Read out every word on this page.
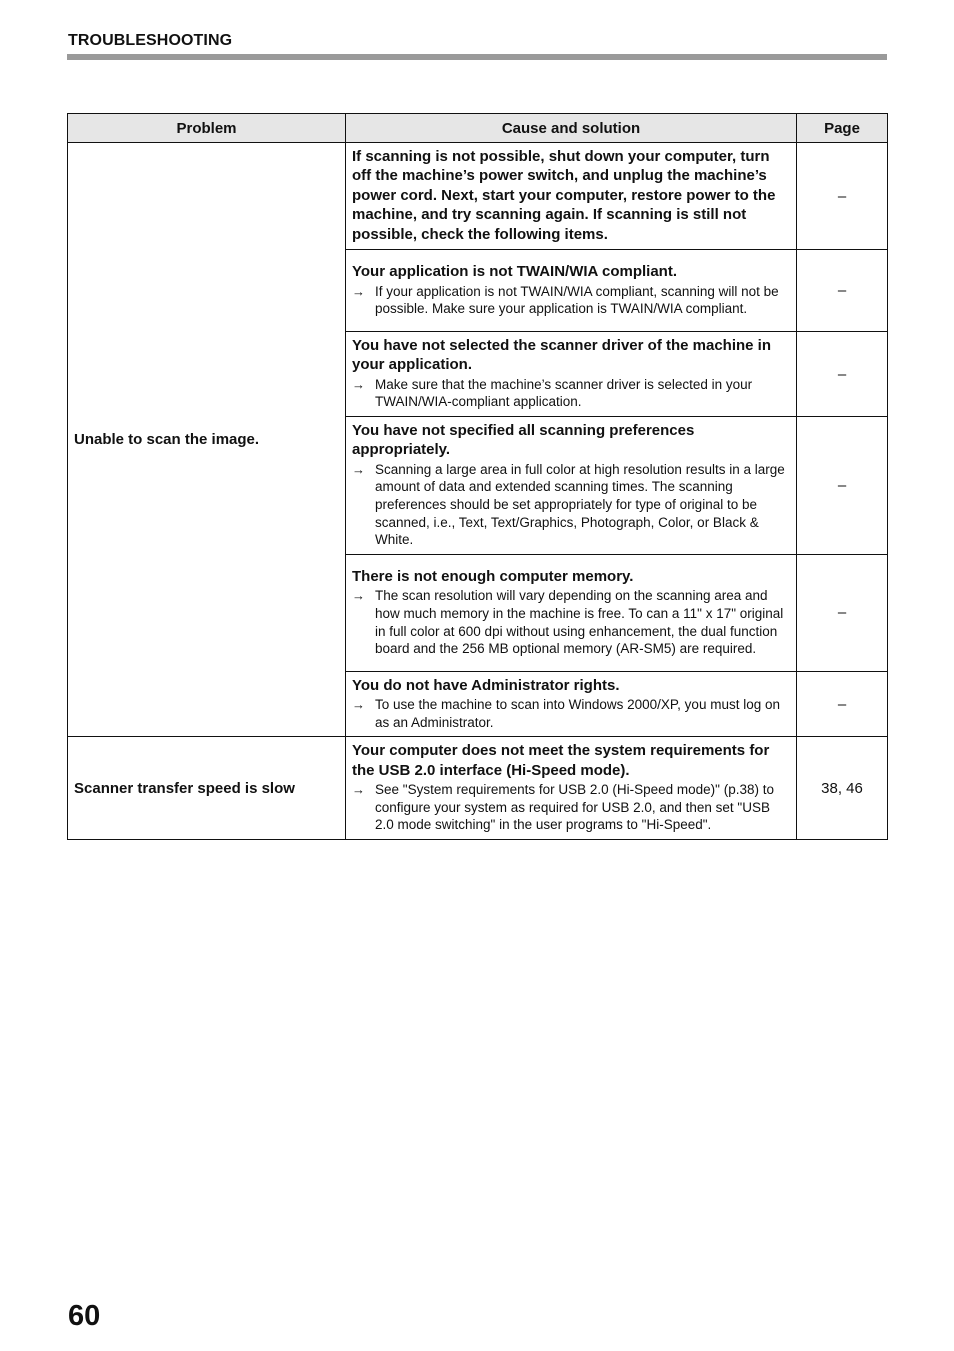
TROUBLESHOOTING
Problem	Cause and solution	Page
Unable to scan the image.	If scanning is not possible, shut down your computer, turn off the machine’s power switch, and unplug the machine’s power cord. Next, start your computer, restore power to the machine, and try scanning again. If scanning is still not possible, check the following items.	–

	Your application is not TWAIN/WIA compliant.
→ If your application is not TWAIN/WIA compliant, scanning will not be possible. Make sure your application is TWAIN/WIA compliant.	–

	You have not selected the scanner driver of the machine in your application.
→ Make sure that the machine’s scanner driver is selected in your TWAIN/WIA-compliant application.	–

	You have not specified all scanning preferences appropriately.
→ Scanning a large area in full color at high resolution results in a large amount of data and extended scanning times. The scanning preferences should be set appropriately for type of original to be scanned, i.e., Text, Text/Graphics, Photograph, Color, or Black & White.	–

	There is not enough computer memory.
→ The scan resolution will vary depending on the scanning area and how much memory in the machine is free. To can a 11" x 17" original in full color at 600 dpi without using enhancement, the dual function board and the 256 MB optional memory (AR-SM5) are required.	–

	You do not have Administrator rights.
→ To use the machine to scan into Windows 2000/XP, you must log on as an Administrator.	–
Scanner transfer speed is slow	Your computer does not meet the system requirements for the USB 2.0 interface (Hi-Speed mode).
→ See "System requirements for USB 2.0 (Hi-Speed mode)" (p.38) to configure your system as required for USB 2.0, and then set "USB 2.0 mode switching" in the user programs to "Hi-Speed".	38, 46
60
